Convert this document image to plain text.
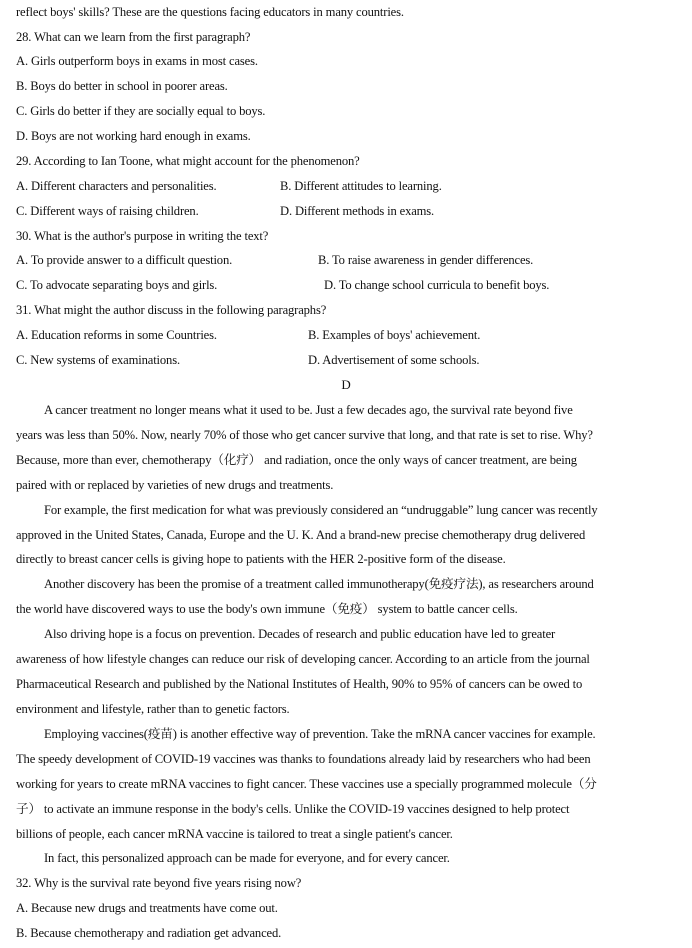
reflect boys' skills? These are the questions facing educators in many countries.
28. What can we learn from the first paragraph?
A. Girls outperform boys in exams in most cases.
B. Boys do better in school in poorer areas.
C. Girls do better if they are socially equal to boys.
D. Boys are not working hard enough in exams.
29. According to Ian Toone, what might account for the phenomenon?
A. Different characters and personalities.	B. Different attitudes to learning.
C. Different ways of raising children.	D. Different methods in exams.
30. What is the author's purpose in writing the text?
A. To provide answer to a difficult question.	B. To raise awareness in gender differences.
C. To advocate separating boys and girls.	D. To change school curricula to benefit boys.
31. What might the author discuss in the following paragraphs?
A. Education reforms in some Countries.	B. Examples of boys' achievement.
C. New systems of examinations.	D. Advertisement of some schools.
D
A cancer treatment no longer means what it used to be. Just a few decades ago, the survival rate beyond five
years was less than 50%. Now, nearly 70% of those who get cancer survive that long, and that rate is set to rise. Why?
Because, more than ever, chemotherapy（化疗） and radiation, once the only ways of cancer treatment, are being
paired with or replaced by varieties of new drugs and treatments.
For example, the first medication for what was previously considered an “undruggable” lung cancer was recently
approved in the United States, Canada, Europe and the U. K. And a brand-new precise chemotherapy drug delivered
directly to breast cancer cells is giving hope to patients with the HER 2-positive form of the disease.
Another discovery has been the promise of a treatment called immunotherapy(免疫疗法), as researchers around
the world have discovered ways to use the body's own immune（免疫） system to battle cancer cells.
Also driving hope is a focus on prevention. Decades of research and public education have led to greater
awareness of how lifestyle changes can reduce our risk of developing cancer. According to an article from the journal
Pharmaceutical Research and published by the National Institutes of Health, 90% to 95% of cancers can be owed to
environment and lifestyle, rather than to genetic factors.
Employing vaccines(疫苗) is another effective way of prevention. Take the mRNA cancer vaccines for example.
The speedy development of COVID-19 vaccines was thanks to foundations already laid by researchers who had been
working for years to create mRNA vaccines to fight cancer. These vaccines use a specially programmed molecule（分
子） to activate an immune response in the body's cells. Unlike the COVID-19 vaccines designed to help protect
billions of people, each cancer mRNA vaccine is tailored to treat a single patient's cancer.
In fact, this personalized approach can be made for everyone, and for every cancer.
32. Why is the survival rate beyond five years rising now?
A. Because new drugs and treatments have come out.
B. Because chemotherapy and radiation get advanced.
